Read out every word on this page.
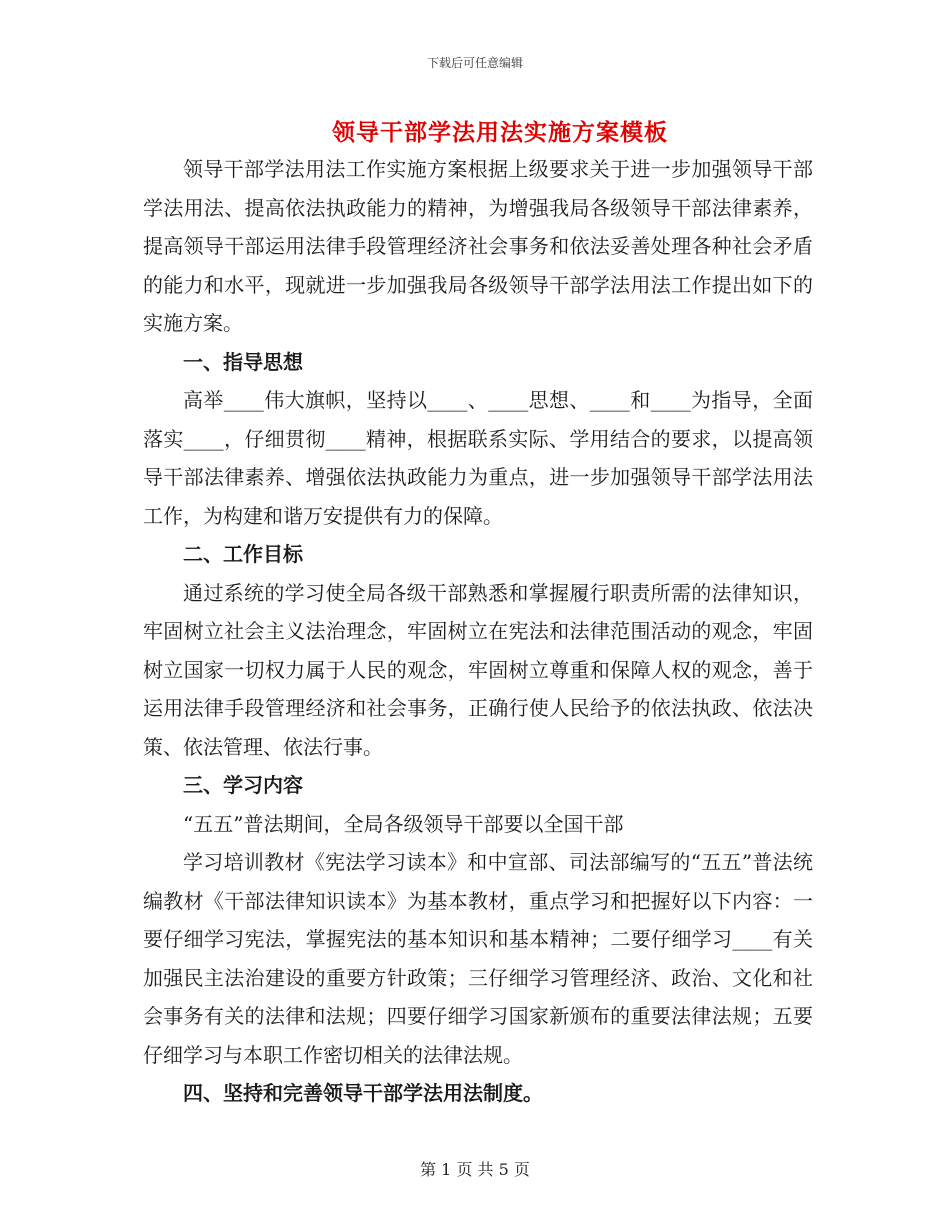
下载后可任意编辑
领导干部学法用法实施方案模板

领导干部学法用法工作实施方案根据上级要求关于进一步加强领导干部学法用法、提高依法执政能力的精神，为增强我局各级领导干部法律素养，提高领导干部运用法律手段管理经济社会事务和依法妥善处理各种社会矛盾的能力和水平，现就进一步加强我局各级领导干部学法用法工作提出如下的实施方案。

一、指导思想

高举____伟大旗帜，坚持以____、____思想、____和____为指导，全面落实____，仔细贯彻____精神，根据联系实际、学用结合的要求，以提高领导干部法律素养、增强依法执政能力为重点，进一步加强领导干部学法用法工作，为构建和谐万安提供有力的保障。

二、工作目标

通过系统的学习使全局各级干部熟悉和掌握履行职责所需的法律知识，牢固树立社会主义法治理念，牢固树立在宪法和法律范围活动的观念，牢固树立国家一切权力属于人民的观念，牢固树立尊重和保障人权的观念，善于运用法律手段管理经济和社会事务，正确行使人民给予的依法执政、依法决策、依法管理、依法行事。

三、学习内容

“五五”普法期间，全局各级领导干部要以全国干部

学习培训教材《宪法学习读本》和中宣部、司法部编写的“五五”普法统编教材《干部法律知识读本》为基本教材，重点学习和把握好以下内容：一要仔细学习宪法，掌握宪法的基本知识和基本精神；二要仔细学习____有关加强民主法治建设的重要方针政策；三仔细学习管理经济、政治、文化和社会事务有关的法律和法规；四要仔细学习国家新颁布的重要法律法规；五要仔细学习与本职工作密切相关的法律法规。

四、坚持和完善领导干部学法用法制度。
第 1 页 共 5 页
